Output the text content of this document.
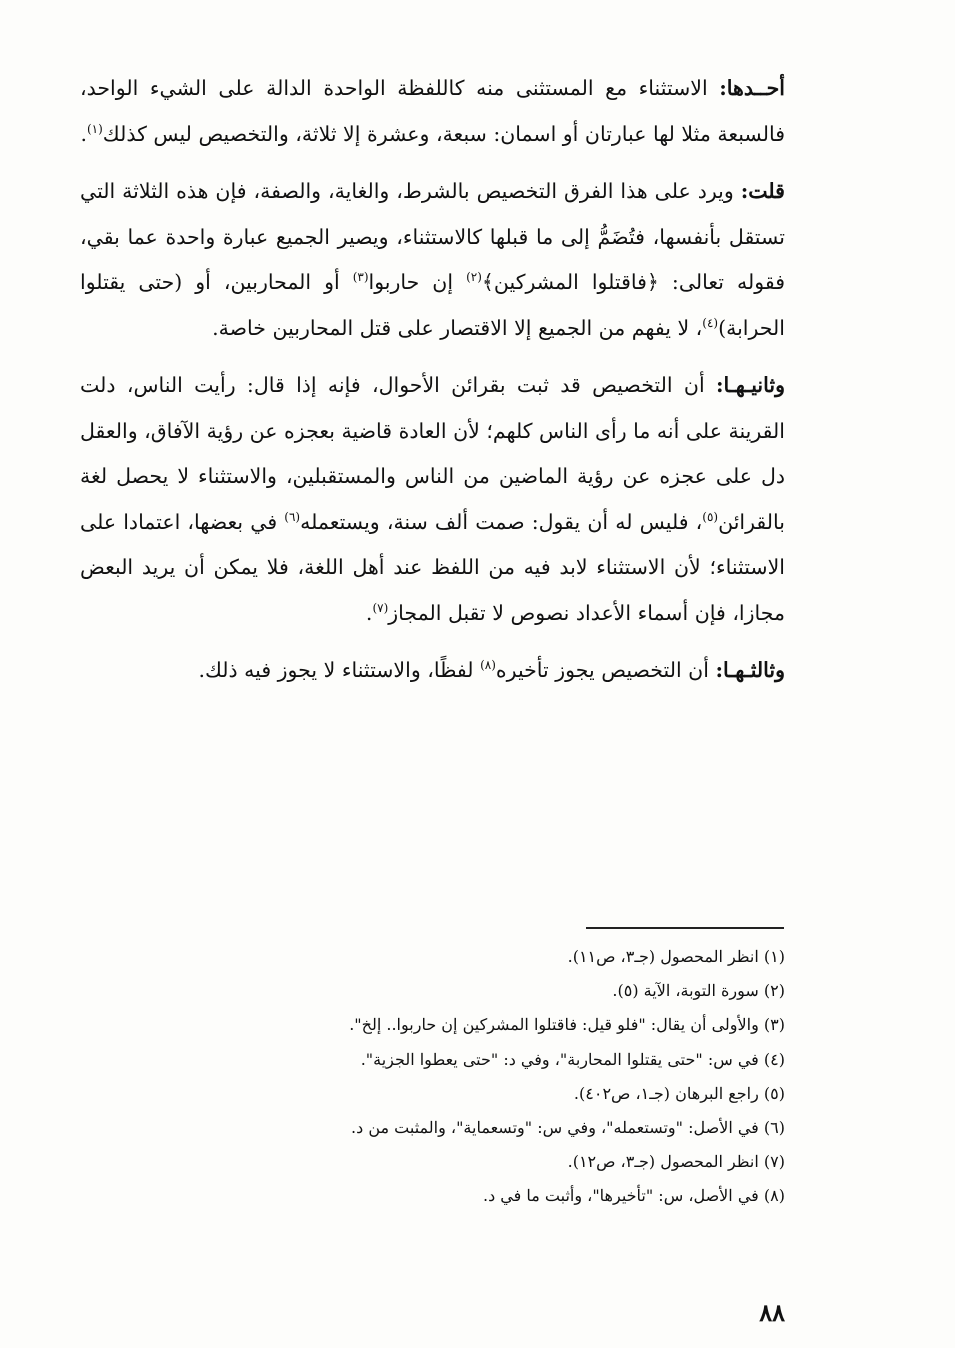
أحــدها: الاستثناء مع المستثنى منه كاللفظة الواحدة الدالة على الشيء الواحد، فالسبعة مثلا لها عبارتان أو اسمان: سبعة، وعشرة إلا ثلاثة، والتخصيص ليس كذلك$^{(١)}$.

قلت: ويرد على هذا الفرق التخصيص بالشرط، والغاية، والصفة، فإن هذه الثلاثة التي تستقل بأنفسها، فتُضَمُّ إلى ما قبلها كالاستثناء، ويصير الجميع عبارة واحدة عما بقي، فقوله تعالى: ﴿فاقتلوا المشركين﴾$^{(٢)}$ إن حاربوا$^{(٣)}$ أو المحاربين، أو (حتى يقتلوا الحرابة)$^{(٤)}$، لا يفهم من الجميع إلا الاقتصار على قتل المحاربين خاصة.

وثانيـهـا: أن التخصيص قد ثبت بقرائن الأحوال، فإنه إذا قال: رأيت الناس، دلت القرينة على أنه ما رأى الناس كلهم؛ لأن العادة قاضية بعجزه عن رؤية الآفاق، والعقل دل على عجزه عن رؤية الماضين من الناس والمستقبلين، والاستثناء لا يحصل لغة بالقرائن$^{(٥)}$، فليس له أن يقول: صمت ألف سنة، ويستعمله$^{(٦)}$ في بعضها، اعتمادا على الاستثناء؛ لأن الاستثناء لابد فيه من اللفظ عند أهل اللغة، فلا يمكن أن يريد البعض مجازا، فإن أسماء الأعداد نصوص لا تقبل المجاز$^{(٧)}$.

وثالثـهـا: أن التخصيص يجوز تأخيره$^{(٨)}$ لفظًا، والاستثناء لا يجوز فيه ذلك.

(١) انظر المحصول (جـ٣، ص١١).
(٢) سورة التوبة، الآية (٥).
(٣) والأولى أن يقال: "فلو قيل: فاقتلوا المشركين إن حاربوا.. إلخ".
(٤) في س: "حتى يقتلوا المحاربة"، وفي د: "حتى يعطوا الجزية".
(٥) راجع البرهان (جـ١، ص٤٠٢).
(٦) في الأصل: "وتستعمله"، وفي س: "وتسعماية"، والمثبت من د.
(٧) انظر المحصول (جـ٣، ص١٢).
(٨) في الأصل، س: "تأخيرها"، وأثبت ما في د.
٨٨
